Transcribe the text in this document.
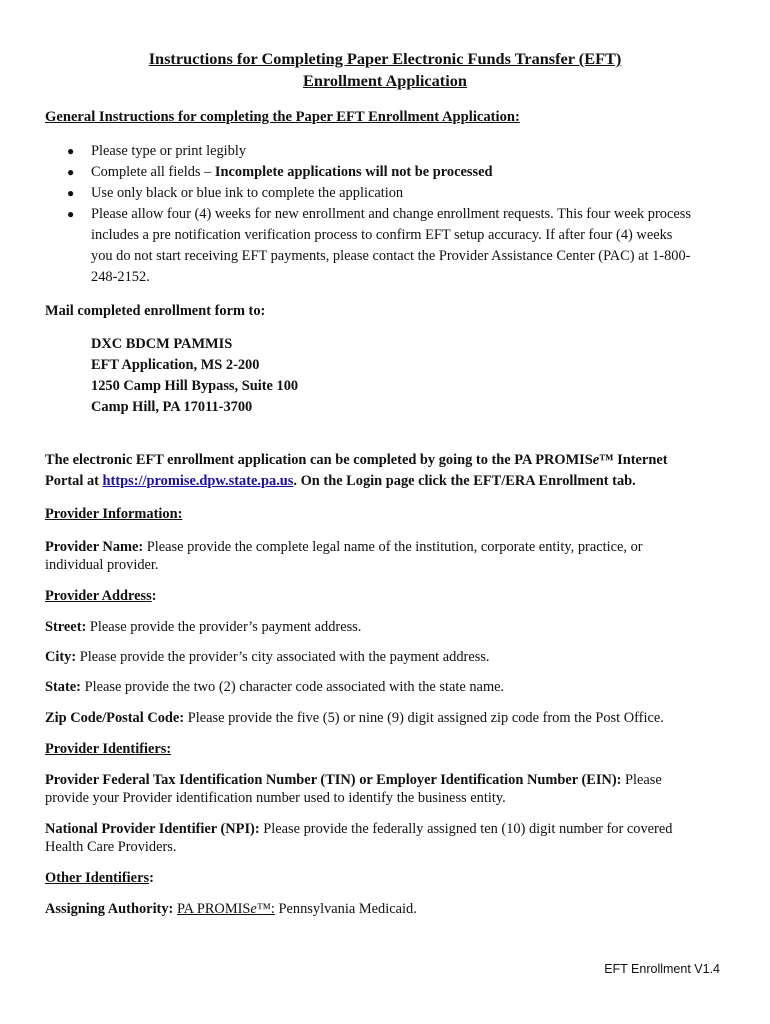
Instructions for Completing Paper Electronic Funds Transfer (EFT)
Enrollment Application
General Instructions for completing the Paper EFT Enrollment Application:
● Please type or print legibly
● Complete all fields – Incomplete applications will not be processed
● Use only black or blue ink to complete the application
● Please allow four (4) weeks for new enrollment and change enrollment requests. This four week process
includes a pre notification verification process to confirm EFT setup accuracy. If after four (4) weeks
you do not start receiving EFT payments, please contact the Provider Assistance Center (PAC) at 1-800-
248-2152.
Mail completed enrollment form to:
DXC BDCM PAMMIS
EFT Application, MS 2-200
1250 Camp Hill Bypass, Suite 100
Camp Hill, PA 17011-3700
The electronic EFT enrollment application can be completed by going to the PA PROMISe™ Internet
Portal at https://promise.dpw.state.pa.us. On the Login page click the EFT/ERA Enrollment tab.
Provider Information:
Provider Name: Please provide the complete legal name of the institution, corporate entity, practice, or
individual provider.
Provider Address:
Street: Please provide the provider’s payment address.
City: Please provide the provider’s city associated with the payment address.
State: Please provide the two (2) character code associated with the state name.
Zip Code/Postal Code: Please provide the five (5) or nine (9) digit assigned zip code from the Post Office.
Provider Identifiers:
Provider Federal Tax Identification Number (TIN) or Employer Identification Number (EIN): Please
provide your Provider identification number used to identify the business entity.
National Provider Identifier (NPI): Please provide the federally assigned ten (10) digit number for covered
Health Care Providers.
Other Identifiers:
Assigning Authority: PA PROMISe™: Pennsylvania Medicaid.
EFT Enrollment V1.4
